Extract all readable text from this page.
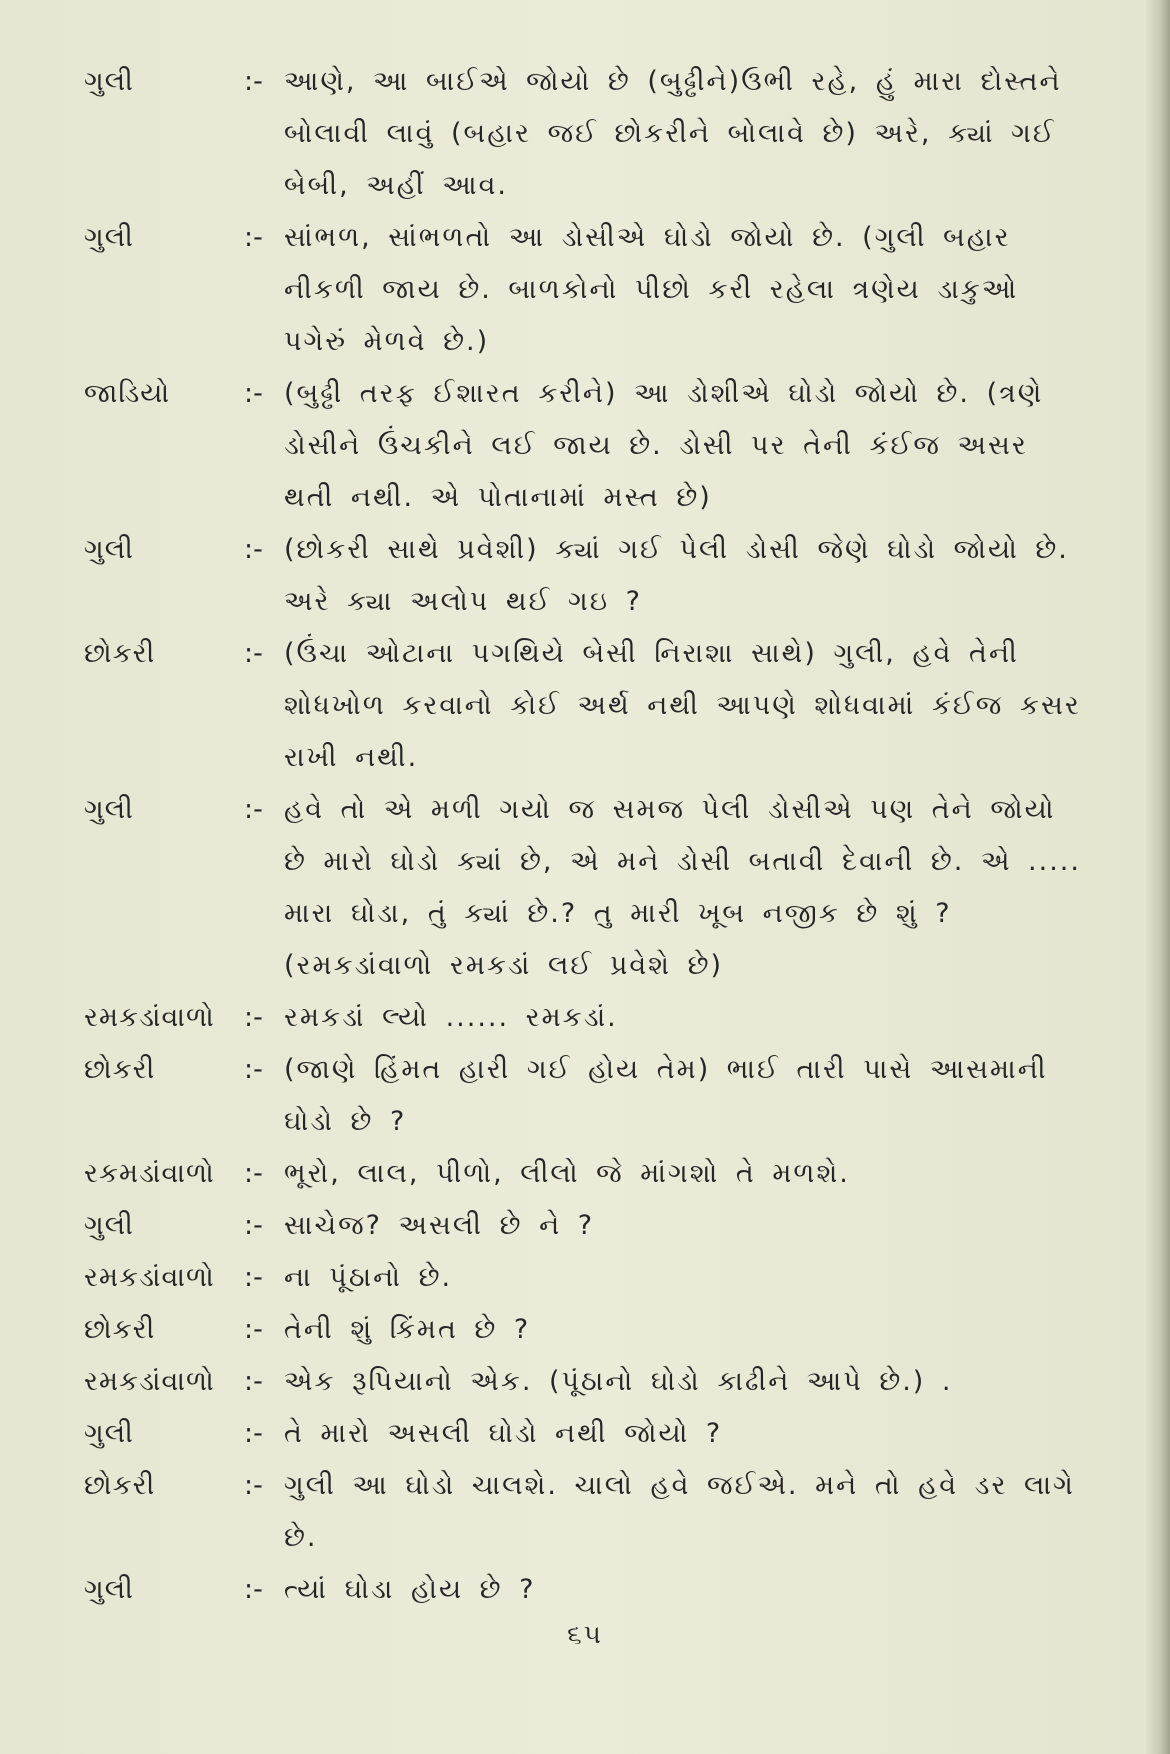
ગુલી	:- આણે, આ બાઈએ જોયો છે (બુઢ્ઢીને)ઉભી રહે, હું મારા દોસ્તને બોલાવી લાવું (બહાર જઈ છોકરીને બોલાવે છે) અરે, ક્યાં ગઈ બેબી, અહીં આવ.
ગુલી	:- સાંભળ, સાંભળતો આ ડોસીએ ઘોડો જોયો છે. (ગુલી બહાર નીકળી જાય છે. બાળકોનો પીછો કરી રહેલા ત્રણેય ડાકુઓ પગેરું મેળવે છે.)
જાડિયો	:- (બુઢ્ઢી તરફ ઈશારત કરીને) આ ડોશીએ ઘોડો જોયો છે. (ત્રણે ડોસીને ઉંચકીને લઈ જાય છે. ડોસી પર તેની કંઈજ અસર થતી નથી. એ પોતાનામાં મસ્ત છે)
ગુલી	:- (છોકરી સાથે પ્રવેશી) ક્યાં ગઈ પેલી ડોસી જેણે ઘોડો જોયો છે. અરે ક્યા અલોપ થઈ ગઇ ?
છોકરી	:- (ઉંચા ઓટાના પગથિયે બેસી નિરાશા સાથે) ગુલી, હવે તેની શોધખોળ કરવાનો કોઈ અર્થ નથી આપણે શોધવામાં કંઈજ કસર રાખી નથી.
ગુલી	:- હવે તો એ મળી ગયો જ સમજ પેલી ડોસીએ પણ તેને જોયો છે મારો ઘોડો ક્યાં છે, એ મને ડોસી બતાવી દેવાની છે. એ ..... મારા ઘોડા, તું ક્યાં છે.? તુ મારી ખૂબ નજીક છે શું ? (રમકડાંવાળો રમકડાં લઈ પ્રવેશે છે)
રમકડાંવાળો	:- રમકડાં લ્યો ...... રમકડાં.
છોકરી	:- (જાણે હિંમત હારી ગઈ હોય તેમ) ભાઈ તારી પાસે આસમાની ઘોડો છે ?
રકમડાંવાળો	:- ભૂરો, લાલ, પીળો, લીલો જે માંગશો તે મળશે.
ગુલી	:- સાચેજ? અસલી છે ને ?
રમકડાંવાળો	:- ના પૂંઠાનો છે.
છોકરી	:- તેની શું કિંમત છે ?
રમકડાંવાળો	:- એક રૂપિયાનો એક. (પૂંઠાનો ઘોડો કાઢીને આપે છે.) .
ગુલી	:- તે મારો અસલી ઘોડો નથી જોયો ?
છોકરી	:- ગુલી આ ઘોડો ચાલશે. ચાલો હવે જઈએ. મને તો હવે ડર લાગે છે.
ગુલી	:- ત્યાં ઘોડા હોય છે ?
૬૫
